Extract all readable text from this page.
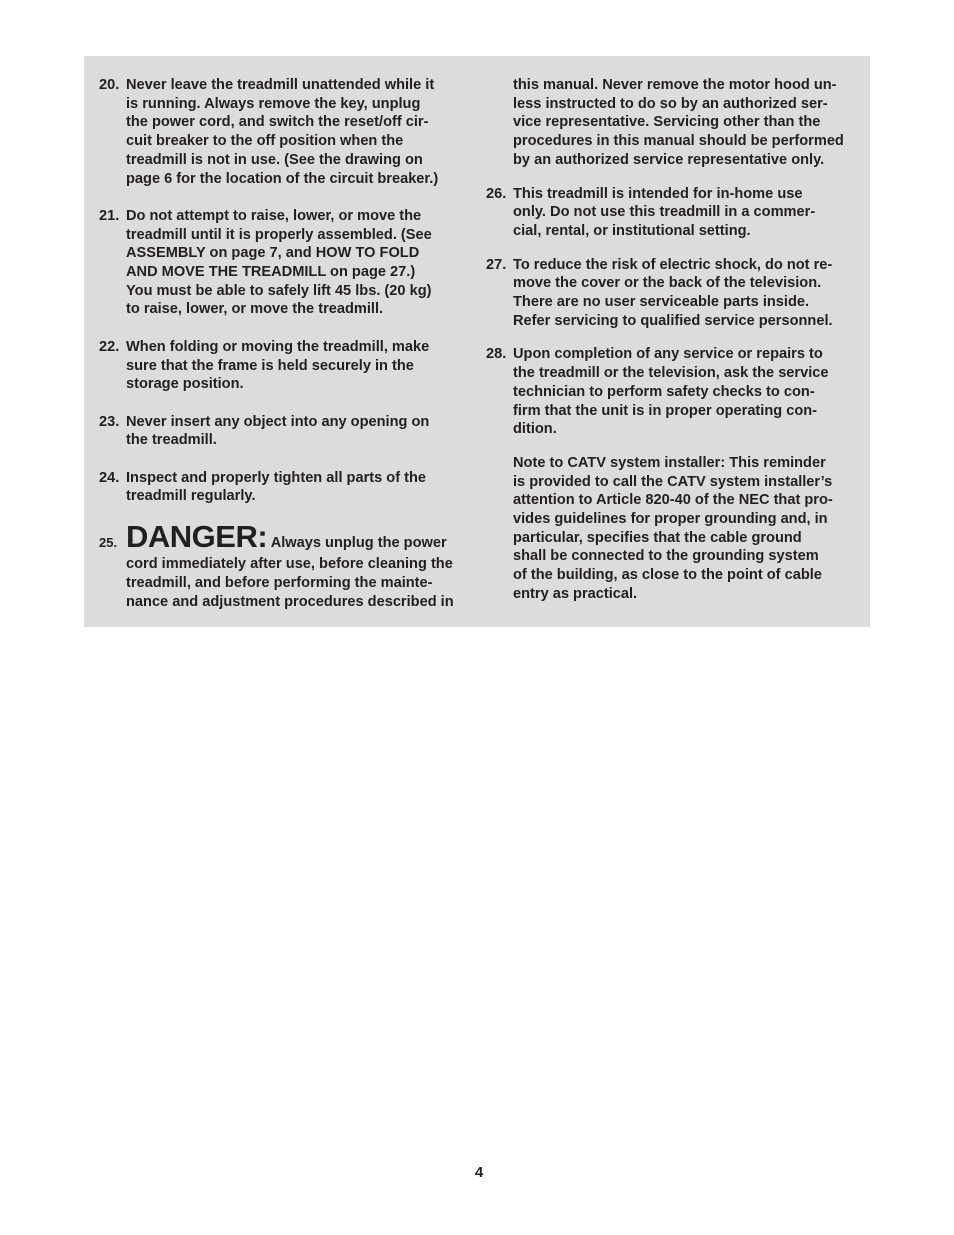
20. Never leave the treadmill unattended while it
is running. Always remove the key, unplug
the power cord, and switch the reset/off cir-
cuit breaker to the off position when the
treadmill is not in use. (See the drawing on
page 6 for the location of the circuit breaker.)
21. Do not attempt to raise, lower, or move the
treadmill until it is properly assembled. (See
ASSEMBLY on page 7, and HOW TO FOLD
AND MOVE THE TREADMILL on page 27.)
You must be able to safely lift 45 lbs. (20 kg)
to raise, lower, or move the treadmill.
22. When folding or moving the treadmill, make
sure that the frame is held securely in the
storage position.
23. Never insert any object into any opening on
the treadmill.
24. Inspect and properly tighten all parts of the
treadmill regularly.
25. DANGER: Always unplug the power
cord immediately after use, before cleaning the
treadmill, and before performing the mainte-
nance and adjustment procedures described in
this manual. Never remove the motor hood un-
less instructed to do so by an authorized ser-
vice representative. Servicing other than the
procedures in this manual should be performed
by an authorized service representative only.
26. This treadmill is intended for in-home use
only. Do not use this treadmill in a commer-
cial, rental, or institutional setting.
27. To reduce the risk of electric shock, do not re-
move the cover or the back of the television.
There are no user serviceable parts inside.
Refer servicing to qualified service personnel.
28. Upon completion of any service or repairs to
the treadmill or the television, ask the service
technician to perform safety checks to con-
firm that the unit is in proper operating con-
dition.
Note to CATV system installer: This reminder
is provided to call the CATV system installer’s
attention to Article 820-40 of the NEC that pro-
vides guidelines for proper grounding and, in
particular, specifies that the cable ground
shall be connected to the grounding system
of the building, as close to the point of cable
entry as practical.
4
